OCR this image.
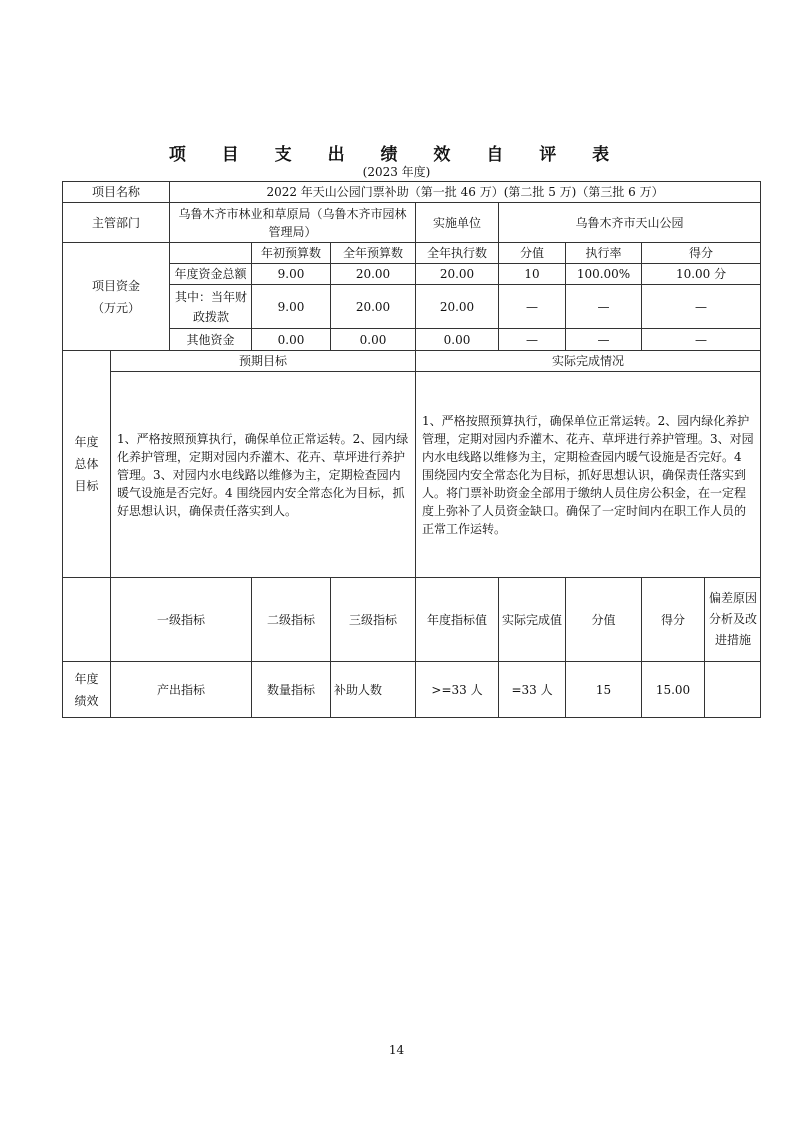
项 目 支 出 绩 效 自 评 表
(2023 年度)
项目名称		2022 年天山公园门票补助（第一批 46 万）(第二批 5 万)（第三批 6 万）							
主管部门		乌鲁木齐市林业和草原局（乌鲁木齐市园林管理局）			实施单位	乌鲁木齐市天山公园			

项目资金（万元）			年初预算数	全年预算数	全年执行数	分值	执行率	得分	
		年度资金总额	9.00	20.00	20.00	10	100.00%	10.00 分	

		其中：当年财政拨款	9.00	20.00	20.00	—	—	—	
		其他资金	0.00	0.00	0.00	—	—	—	

年度总体目标	预期目标				实际完成情况				
	1、严格按照预算执行，确保单位正常运转。2、园内绿化养护管理，定期对园内乔灌木、花卉、草坪进行养护管理。3、对园内水电线路以维修为主，定期检查园内暖气设施是否完好。4 围绕园内安全常态化为目标，抓好思想认识，确保责任落实到人。				1、严格按照预算执行，确保单位正常运转。2、园内绿化养护管理，定期对园内乔灌木、花卉、草坪进行养护管理。3、对园内水电线路以维修为主，定期检查园内暖气设施是否完好。4 围绕园内安全常态化为目标，抓好思想认识，确保责任落实到人。将门票补助资金全部用于缴纳人员住房公积金，在一定程度上弥补了人员资金缺口。确保了一定时间内在职工作人员的正常工作运转。				
	一级指标		二级指标	三级指标	年度指标值	实际完成值	分值	得分	偏差原因分析及改进措施

年度绩效	产出指标		数量指标	补助人数	>=33 人	=33 人	15	15.00	
14
